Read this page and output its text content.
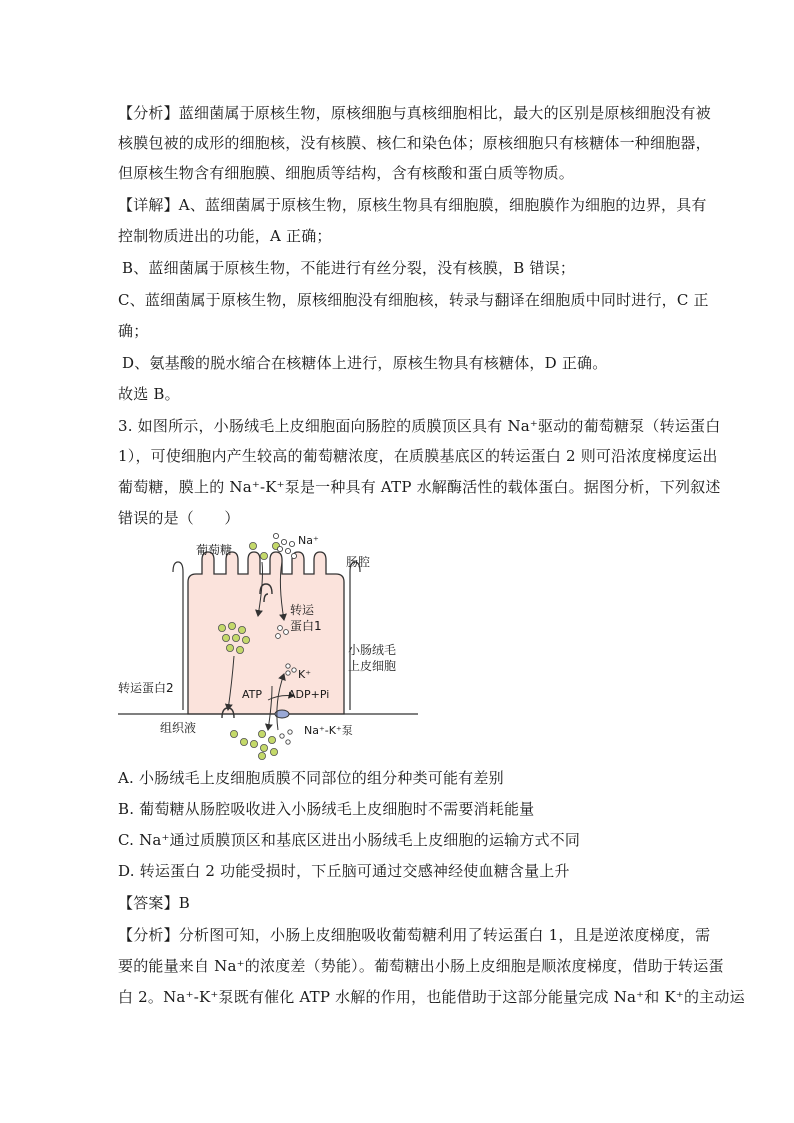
【分析】蓝细菌属于原核生物，原核细胞与真核细胞相比，最大的区别是原核细胞没有被
核膜包被的成形的细胞核，没有核膜、核仁和染色体；原核细胞只有核糖体一种细胞器，
但原核生物含有细胞膜、细胞质等结构，含有核酸和蛋白质等物质。
【详解】A、蓝细菌属于原核生物，原核生物具有细胞膜，细胞膜作为细胞的边界，具有
控制物质进出的功能，A 正确；
B、蓝细菌属于原核生物，不能进行有丝分裂，没有核膜，B 错误；
C、蓝细菌属于原核生物，原核细胞没有细胞核，转录与翻译在细胞质中同时进行，C 正
确；
D、氨基酸的脱水缩合在核糖体上进行，原核生物具有核糖体，D 正确。
故选 B。
3. 如图所示，小肠绒毛上皮细胞面向肠腔的质膜顶区具有 Na⁺驱动的葡萄糖泵（转运蛋白
1），可使细胞内产生较高的葡萄糖浓度，在质膜基底区的转运蛋白 2 则可沿浓度梯度运出
葡萄糖，膜上的 Na⁺-K⁺泵是一种具有 ATP 水解酶活性的载体蛋白。据图分析，下列叙述
错误的是（　　）
葡萄糖
Na⁺
肠腔
转运
蛋白1
小肠绒毛
上皮细胞
K⁺
转运蛋白2	ATP ADP+Pi
组织液	Na⁺-K⁺泵
A. 小肠绒毛上皮细胞质膜不同部位的组分种类可能有差别
B. 葡萄糖从肠腔吸收进入小肠绒毛上皮细胞时不需要消耗能量
C. Na⁺通过质膜顶区和基底区进出小肠绒毛上皮细胞的运输方式不同
D. 转运蛋白 2 功能受损时，下丘脑可通过交感神经使血糖含量上升
【答案】B
【分析】分析图可知，小肠上皮细胞吸收葡萄糖利用了转运蛋白 1，且是逆浓度梯度，需
要的能量来自 Na⁺的浓度差（势能）。葡萄糖出小肠上皮细胞是顺浓度梯度，借助于转运蛋
白 2。Na⁺-K⁺泵既有催化 ATP 水解的作用，也能借助于这部分能量完成 Na⁺和 K⁺的主动运
